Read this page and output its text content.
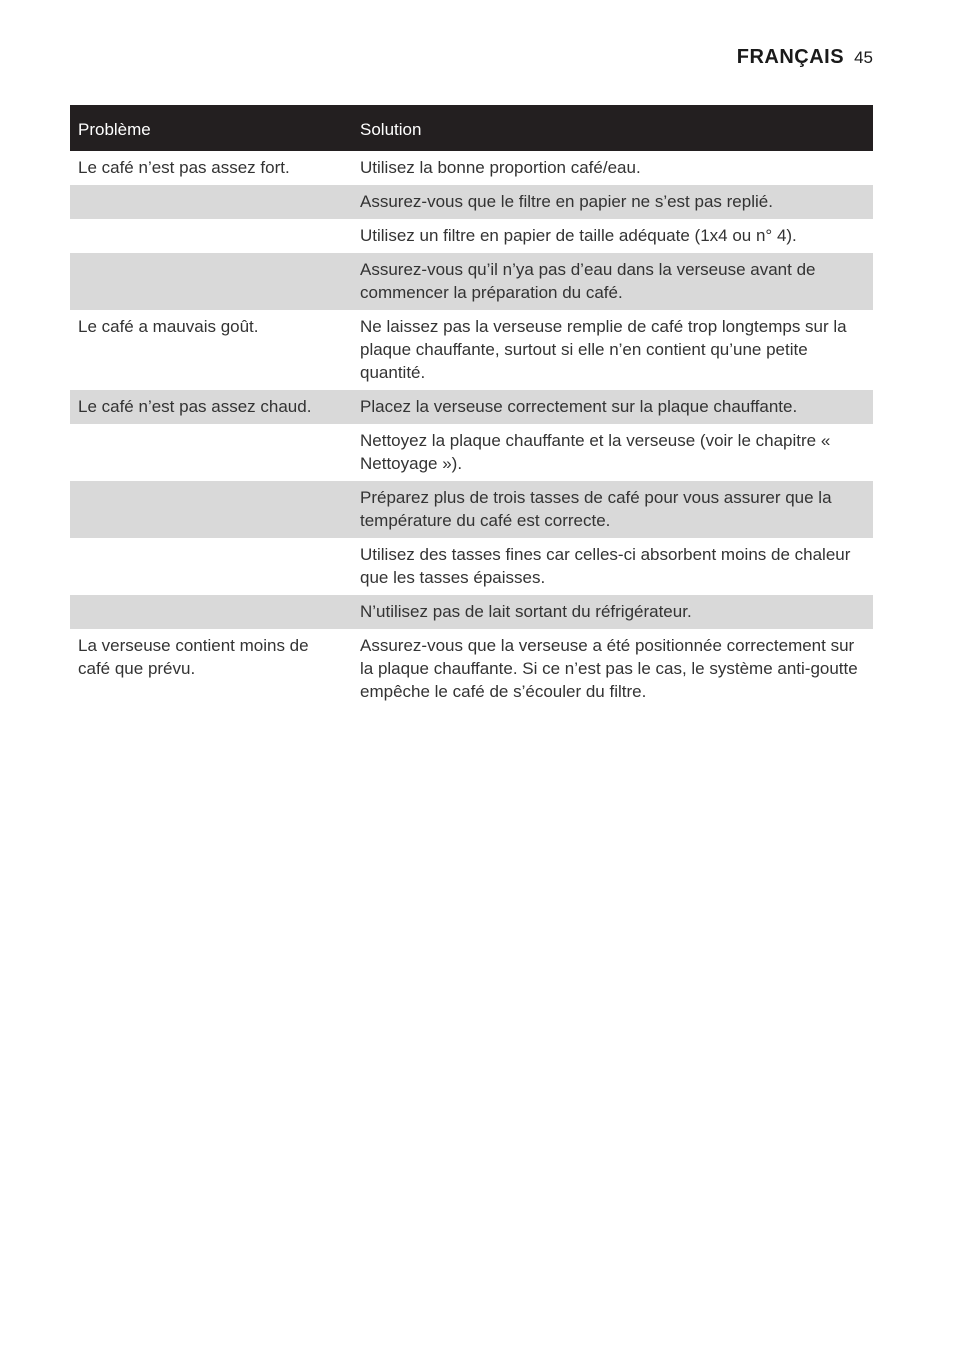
FRANÇAIS 45
Problème	Solution
Le café n’est pas assez fort.	Utilisez la bonne proportion café/eau.
	Assurez-vous que le filtre en papier ne s’est pas replié.
	Utilisez un filtre en papier de taille adéquate (1x4 ou n° 4).
	Assurez-vous qu’il n’ya pas d’eau dans la verseuse avant de commencer la préparation du café.
Le café a mauvais goût.	Ne laissez pas la verseuse remplie de café trop longtemps sur la plaque chauffante, surtout si elle n’en contient qu’une petite quantité.
Le café n’est pas assez chaud.	Placez la verseuse correctement sur la plaque chauffante.
	Nettoyez la plaque chauffante et la verseuse (voir le chapitre « Nettoyage »).
	Préparez plus de trois tasses de café pour vous assurer que la température du café est correcte.
	Utilisez des tasses fines car celles-ci absorbent moins de chaleur que les tasses épaisses.
	N’utilisez pas de lait sortant du réfrigérateur.
La verseuse contient moins de café que prévu.	Assurez-vous que la verseuse a été positionnée correctement sur la plaque chauffante. Si ce n’est pas le cas, le système anti-goutte empêche le café de s’écouler du filtre.
